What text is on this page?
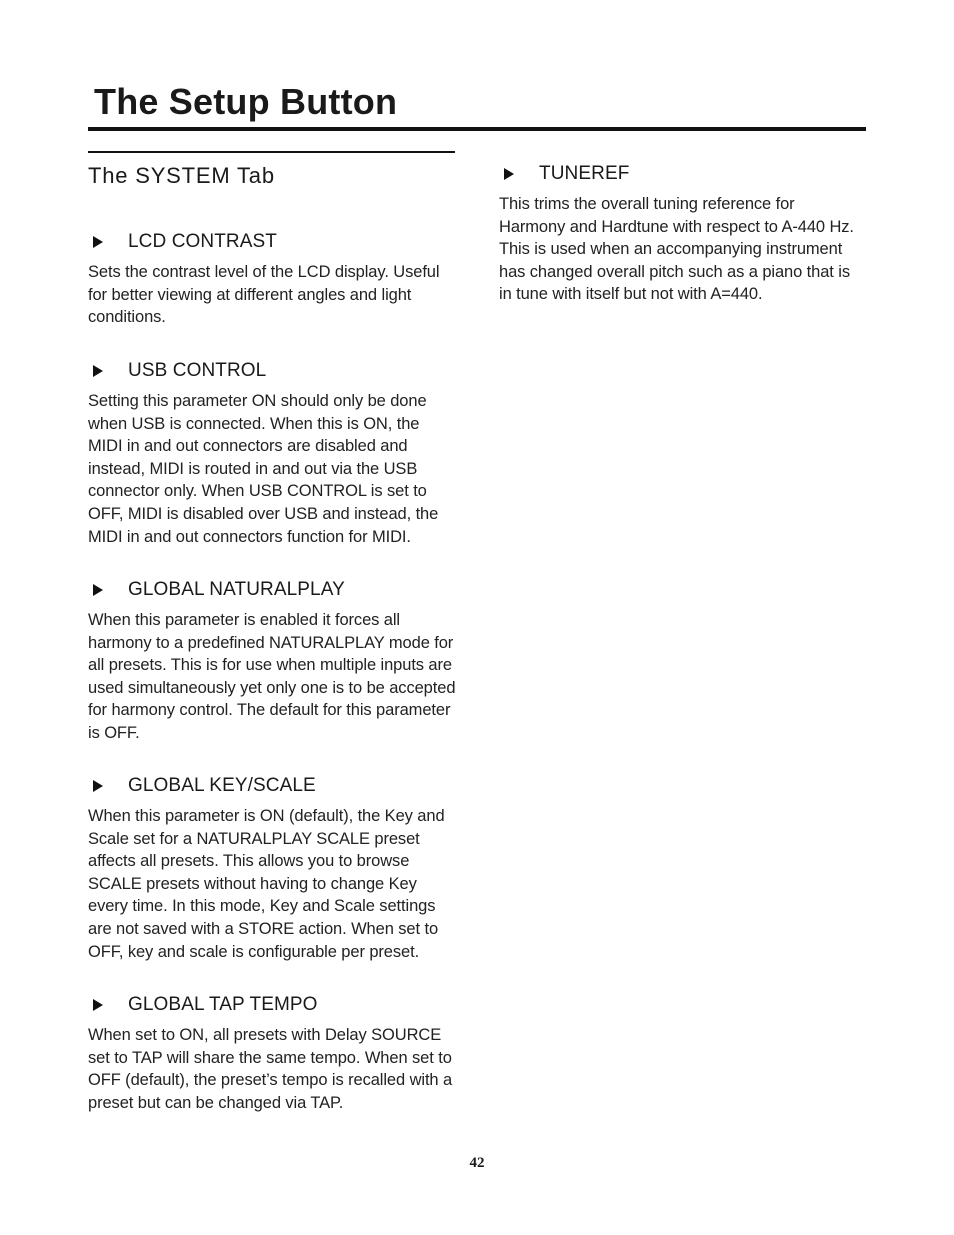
The Setup Button
The SYSTEM Tab
LCD CONTRAST

Sets the contrast level of the LCD display. Useful for better viewing at different angles and light conditions.

USB CONTROL

Setting this parameter ON should only be done when USB is connected. When this is ON, the MIDI in and out connectors are disabled and instead, MIDI is routed in and out via the USB connector only. When USB CONTROL is set to OFF, MIDI is disabled over USB and instead, the MIDI in and out connectors function for MIDI.

GLOBAL NATURALPLAY

When this parameter is enabled it forces all harmony to a predefined NATURALPLAY mode for all presets. This is for use when multiple inputs are used simultaneously yet only one is to be accepted for harmony control. The default for this parameter is OFF.

GLOBAL KEY/SCALE

When this parameter is ON (default), the Key and Scale set for a NATURALPLAY SCALE preset affects all presets. This allows you to browse SCALE presets without having to change Key every time. In this mode, Key and Scale settings are not saved with a STORE action. When set to OFF, key and scale is configurable per preset.

GLOBAL TAP TEMPO

When set to ON, all presets with Delay SOURCE set to TAP will share the same tempo. When set to OFF (default), the preset’s tempo is recalled with a preset but can be changed via TAP.

TUNEREF

This trims the overall tuning reference for Harmony and Hardtune with respect to A-440 Hz. This is used when an accompanying instrument has changed overall pitch such as a piano that is in tune with itself but not with A=440.

42
